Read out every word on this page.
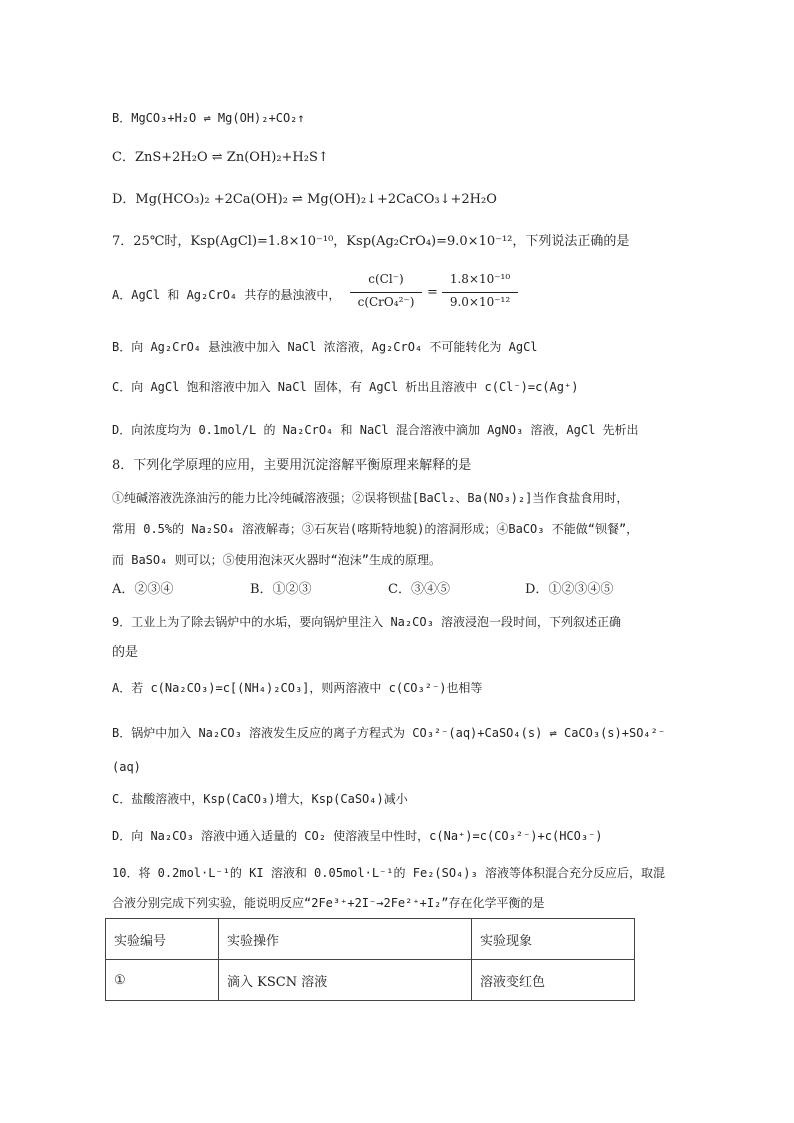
B．MgCO₃+H₂O ⇌ Mg(OH)₂+CO₂↑
C．ZnS+2H₂O ⇌ Zn(OH)₂+H₂S↑
D．Mg(HCO₃)₂ +2Ca(OH)₂ ⇌ Mg(OH)₂↓+2CaCO₃↓+2H₂O
7．25℃时，Ksp(AgCl)=1.8×10⁻¹⁰，Ksp(Ag₂CrO₄)=9.0×10⁻¹²，下列说法正确的是
A．AgCl 和 Ag₂CrO₄ 共存的悬浊液中，
c(Cl⁻)
c(CrO₄²⁻)
=
1.8×10⁻¹⁰
9.0×10⁻¹²
B．向 Ag₂CrO₄ 悬浊液中加入 NaCl 浓溶液，Ag₂CrO₄ 不可能转化为 AgCl
C．向 AgCl 饱和溶液中加入 NaCl 固体，有 AgCl 析出且溶液中 c(Cl⁻)=c(Ag⁺)
D．向浓度均为 0.1mol/L 的 Na₂CrO₄ 和 NaCl 混合溶液中滴加 AgNO₃ 溶液，AgCl 先析出
8．下列化学原理的应用，主要用沉淀溶解平衡原理来解释的是
①纯碱溶液洗涤油污的能力比冷纯碱溶液强；②误将钡盐[BaCl₂、Ba(NO₃)₂]当作食盐食用时，
常用 0.5%的 Na₂SO₄ 溶液解毒；③石灰岩(喀斯特地貌)的溶洞形成；④BaCO₃ 不能做“钡餐”，
而 BaSO₄ 则可以；⑤使用泡沫灭火器时“泡沫”生成的原理。
A．②③④	B．①②③	C．③④⑤	D．①②③④⑤
9．工业上为了除去锅炉中的水垢，要向锅炉里注入 Na₂CO₃ 溶液浸泡一段时间，下列叙述正确
的是
A．若 c(Na₂CO₃)=c[(NH₄)₂CO₃]，则两溶液中 c(CO₃²⁻)也相等
B．锅炉中加入 Na₂CO₃ 溶液发生反应的离子方程式为 CO₃²⁻(aq)+CaSO₄(s) ⇌ CaCO₃(s)+SO₄²⁻
(aq)
C．盐酸溶液中，Ksp(CaCO₃)增大，Ksp(CaSO₄)减小
D．向 Na₂CO₃ 溶液中通入适量的 CO₂ 使溶液呈中性时，c(Na⁺)=c(CO₃²⁻)+c(HCO₃⁻)
10．将 0.2mol·L⁻¹的 KI 溶液和 0.05mol·L⁻¹的 Fe₂(SO₄)₃ 溶液等体积混合充分反应后，取混
合液分别完成下列实验，能说明反应“2Fe³⁺+2I⁻→2Fe²⁺+I₂”存在化学平衡的是
实验编号	实验操作	实验现象
①	滴入 KSCN 溶液	溶液变红色
